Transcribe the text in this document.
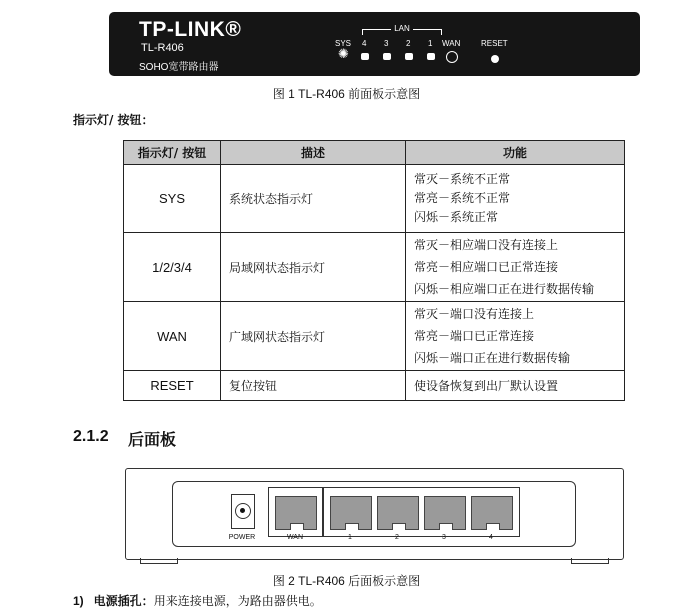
TP-LINK®
TL-R406
SOHO宽带路由器
LAN
SYS 4 3 2 1 WAN	RESET
✺
图 1 TL-R406 前面板示意图
指示灯/ 按钮：
指示灯/ 按钮	描述	功能
SYS	系统状态指示灯	常灭－系统不正常
常亮－系统不正常
闪烁－系统正常

1/2/3/4	局域网状态指示灯	常灭－相应端口没有连接上
常亮－相应端口已正常连接
闪烁－相应端口正在进行数据传输

WAN	广域网状态指示灯	常灭－端口没有连接上
常亮－端口已正常连接
闪烁－端口正在进行数据传输

RESET	复位按钮	使设备恢复到出厂默认设置
2.1.2 后面板
POWER	WAN	1	2	3	4
图 2 TL-R406 后面板示意图
1) 电源插孔：用来连接电源，为路由器供电。
